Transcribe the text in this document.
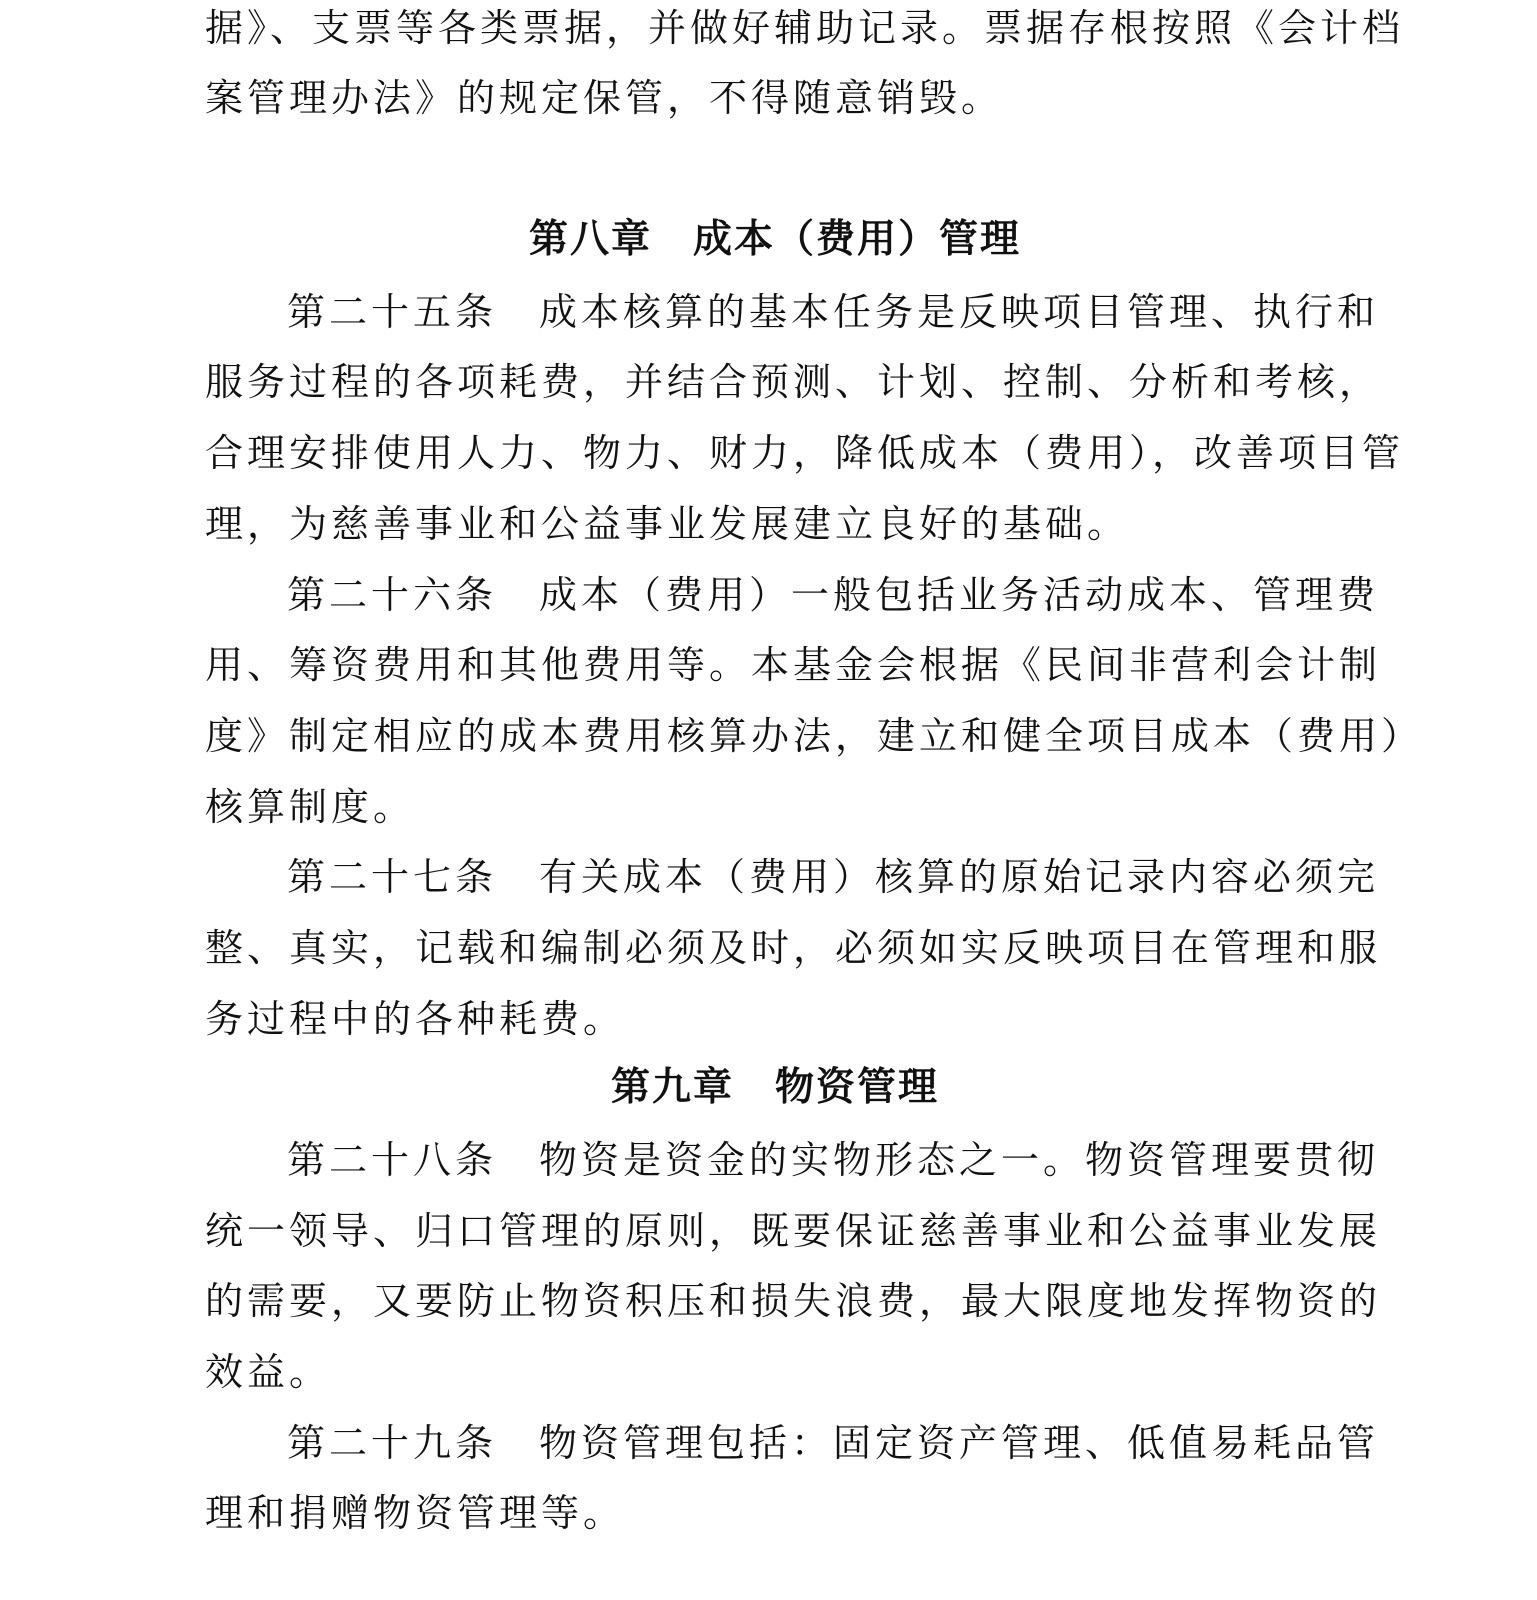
据》、支票等各类票据，并做好辅助记录。票据存根按照《会计档
案管理办法》的规定保管，不得随意销毁。
第八章　成本（费用）管理
第二十五条　成本核算的基本任务是反映项目管理、执行和
服务过程的各项耗费，并结合预测、计划、控制、分析和考核，
合理安排使用人力、物力、财力，降低成本（费用），改善项目管
理，为慈善事业和公益事业发展建立良好的基础。
第二十六条　成本（费用）一般包括业务活动成本、管理费
用、筹资费用和其他费用等。本基金会根据《民间非营利会计制
度》制定相应的成本费用核算办法，建立和健全项目成本（费用）
核算制度。
第二十七条　有关成本（费用）核算的原始记录内容必须完
整、真实，记载和编制必须及时，必须如实反映项目在管理和服
务过程中的各种耗费。
第九章　物资管理
第二十八条　物资是资金的实物形态之一。物资管理要贯彻
统一领导、归口管理的原则，既要保证慈善事业和公益事业发展
的需要，又要防止物资积压和损失浪费，最大限度地发挥物资的
效益。
第二十九条　物资管理包括：固定资产管理、低值易耗品管
理和捐赠物资管理等。
